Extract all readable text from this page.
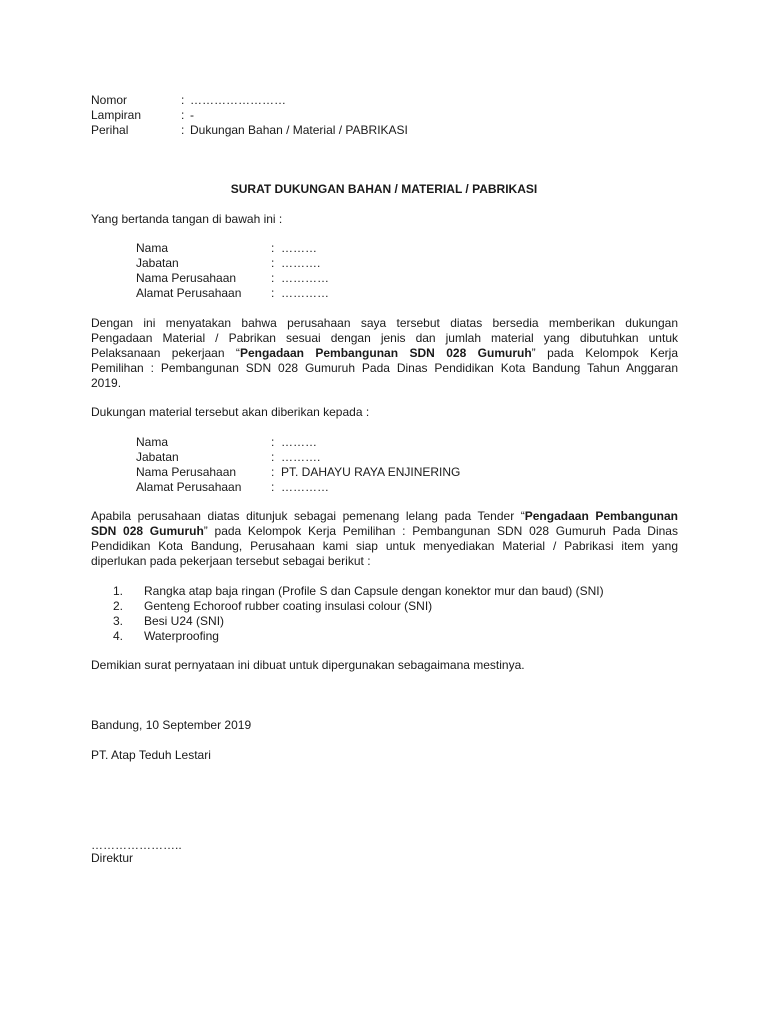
Nomor	: ……………………
Lampiran	: -
Perihal	: Dukungan Bahan / Material / PABRIKASI
SURAT DUKUNGAN BAHAN / MATERIAL / PABRIKASI
Yang bertanda tangan di bawah ini :
Nama	: ………
Jabatan	: ……….
Nama Perusahaan	: …………
Alamat Perusahaan : …………
Dengan ini menyatakan bahwa perusahaan saya tersebut diatas bersedia memberikan dukungan
Pengadaan Material / Pabrikan sesuai dengan jenis dan jumlah material yang dibutuhkan untuk
Pelaksanaan pekerjaan “Pengadaan Pembangunan SDN 028 Gumuruh” pada Kelompok Kerja
Pemilihan : Pembangunan SDN 028 Gumuruh Pada Dinas Pendidikan Kota Bandung Tahun Anggaran
2019.
Dukungan material tersebut akan diberikan kepada :
Nama	: ………
Jabatan	: ……….
Nama Perusahaan	: PT. DAHAYU RAYA ENJINERING
Alamat Perusahaan : …………
Apabila perusahaan diatas ditunjuk sebagai pemenang lelang pada Tender “Pengadaan Pembangunan
SDN 028 Gumuruh” pada Kelompok Kerja Pemilihan : Pembangunan SDN 028 Gumuruh Pada Dinas
Pendidikan Kota Bandung, Perusahaan kami siap untuk menyediakan Material / Pabrikasi item yang
diperlukan pada pekerjaan tersebut sebagai berikut :
1. Rangka atap baja ringan (Profile S dan Capsule dengan konektor mur dan baud) (SNI)
2. Genteng Echoroof rubber coating insulasi colour (SNI)
3. Besi U24 (SNI)
4. Waterproofing
Demikian surat pernyataan ini dibuat untuk dipergunakan sebagaimana mestinya.
Bandung, 10 September 2019
PT. Atap Teduh Lestari
…………………..
Direktur
